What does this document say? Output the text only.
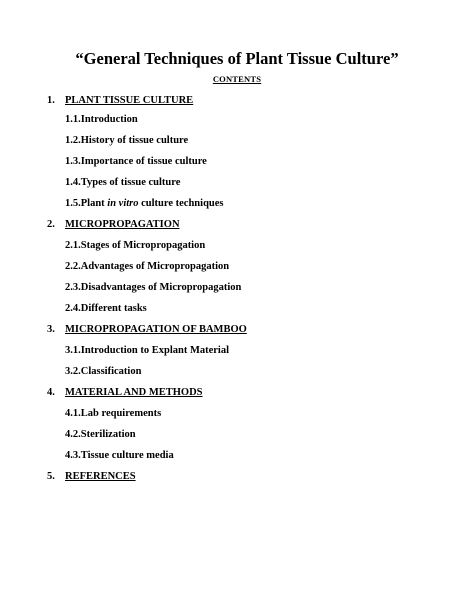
“General Techniques of Plant Tissue Culture”
CONTENTS
1. PLANT TISSUE CULTURE
1.1.Introduction
1.2.History of tissue culture
1.3.Importance of tissue culture
1.4.Types of tissue culture
1.5.Plant in vitro culture techniques
2. MICROPROPAGATION
2.1.Stages of Micropropagation
2.2.Advantages of Micropropagation
2.3.Disadvantages of Micropropagation
2.4.Different tasks
3. MICROPROPAGATION OF BAMBOO
3.1.Introduction to Explant Material
3.2.Classification
4. MATERIAL AND METHODS
4.1.Lab requirements
4.2.Sterilization
4.3.Tissue culture media
5. REFERENCES
